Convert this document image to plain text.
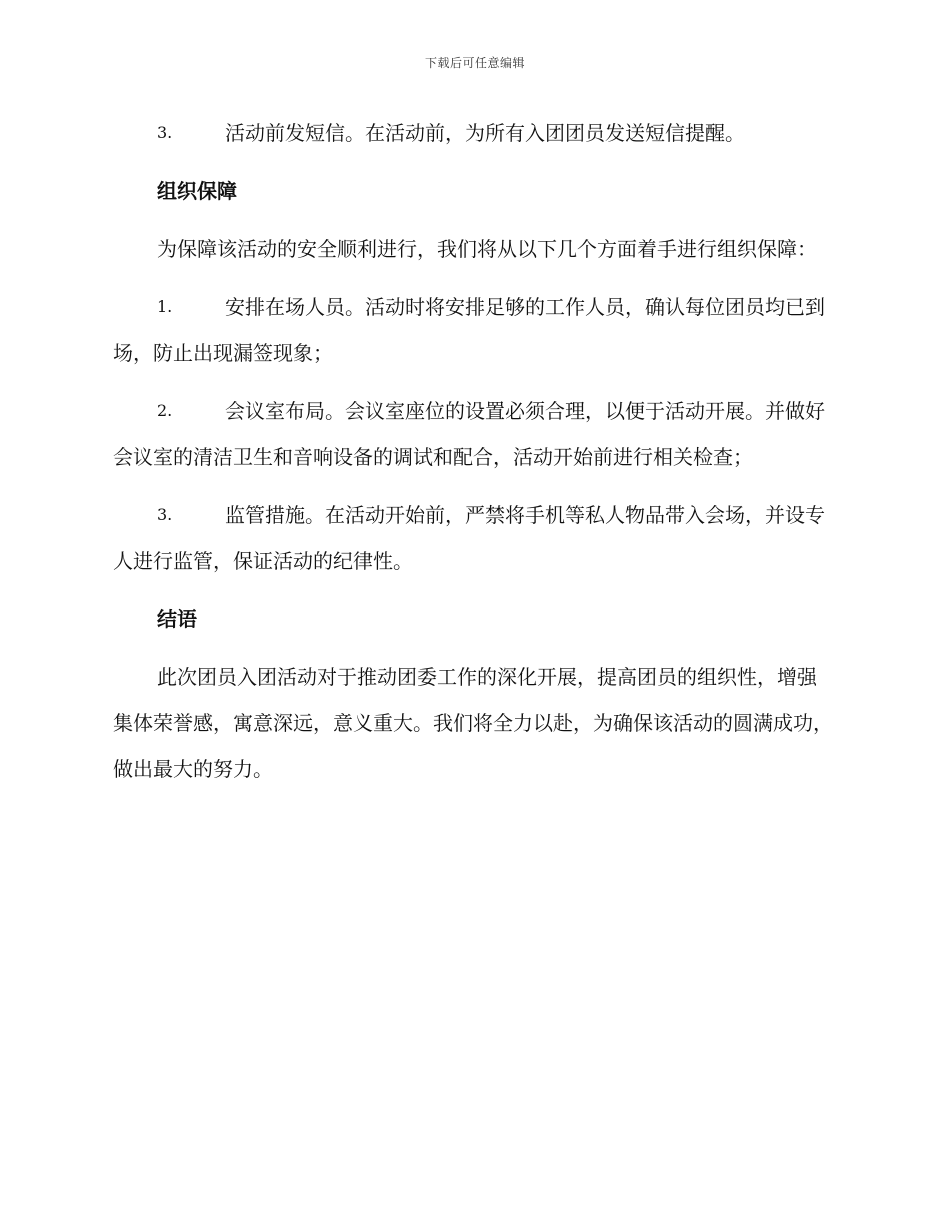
下载后可任意编辑

3.	活动前发短信。在活动前，为所有入团团员发送短信提醒。

组织保障

为保障该活动的安全顺利进行，我们将从以下几个方面着手进行组织保障：

1.	安排在场人员。活动时将安排足够的工作人员，确认每位团员均已到场，防止出现漏签现象；

2.	会议室布局。会议室座位的设置必须合理，以便于活动开展。并做好会议室的清洁卫生和音响设备的调试和配合，活动开始前进行相关检查；

3.	监管措施。在活动开始前，严禁将手机等私人物品带入会场，并设专人进行监管，保证活动的纪律性。

结语

此次团员入团活动对于推动团委工作的深化开展，提高团员的组织性，增强集体荣誉感，寓意深远，意义重大。我们将全力以赴，为确保该活动的圆满成功，做出最大的努力。
